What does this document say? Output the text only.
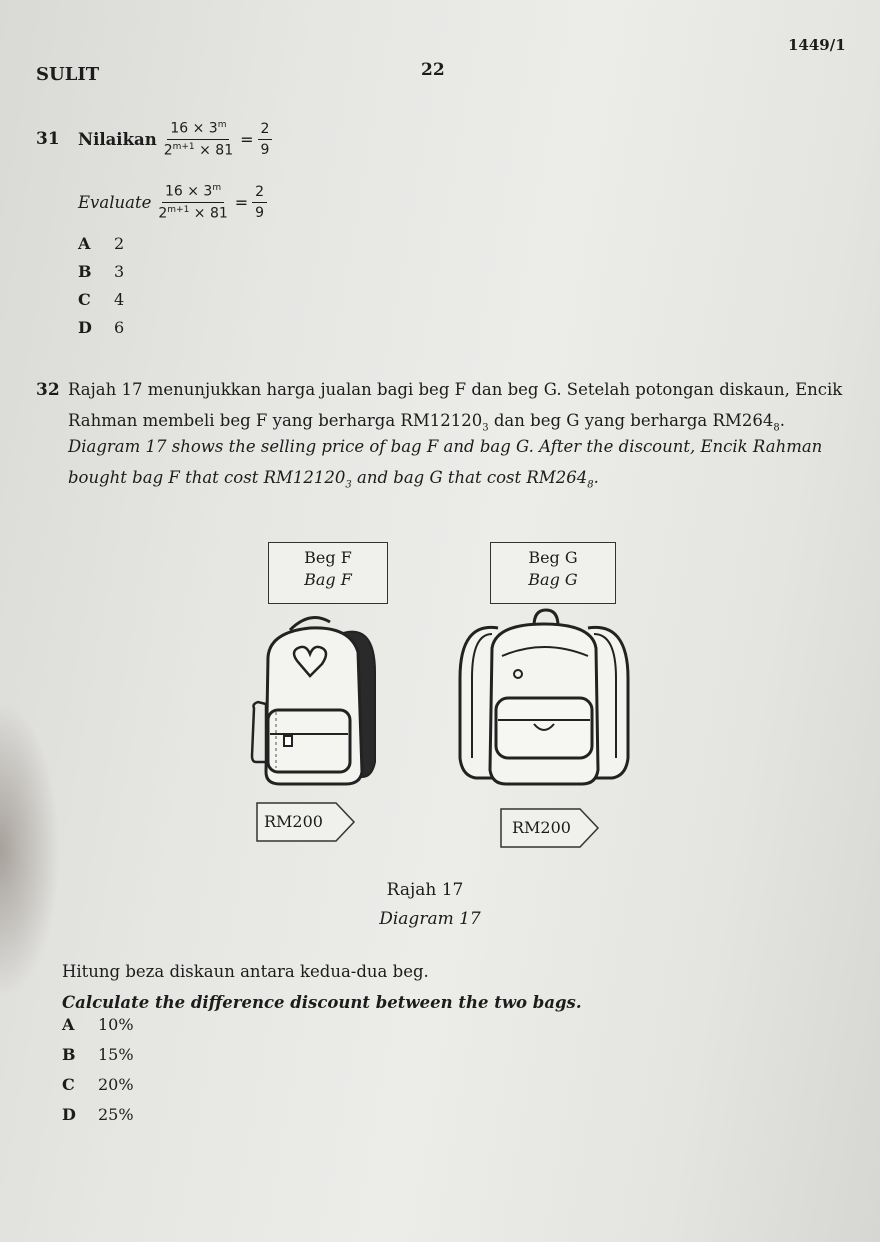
SULIT	22
1449/1
31	Nilaikan $\frac{16 \times 3^m}{2^{m+1} \times 81} = \frac{2}{9}$
Evaluate $\frac{16 \times 3^m}{2^{m+1} \times 81} = \frac{2}{9}$
A 2
B 3
C 4
D 6
32 Rajah 17 menunjukkan harga jualan bagi beg F dan beg G. Setelah potongan diskaun, Encik
Rahman membeli beg F yang berharga $RM12120_3$ dan beg G yang berharga $RM264_8$.
Diagram 17 shows the selling price of bag F and bag G. After the discount, Encik Rahman
bought bag F that cost $RM12120_3$ and bag G that cost $RM264_8$.
Beg F
Bag F
Beg G
Bag G
RM200	RM200
Rajah 17
Diagram 17
Hitung beza diskaun antara kedua-dua beg.
Calculate the difference discount between the two bags.
A 10%
B 15%
C 20%
D 25%
